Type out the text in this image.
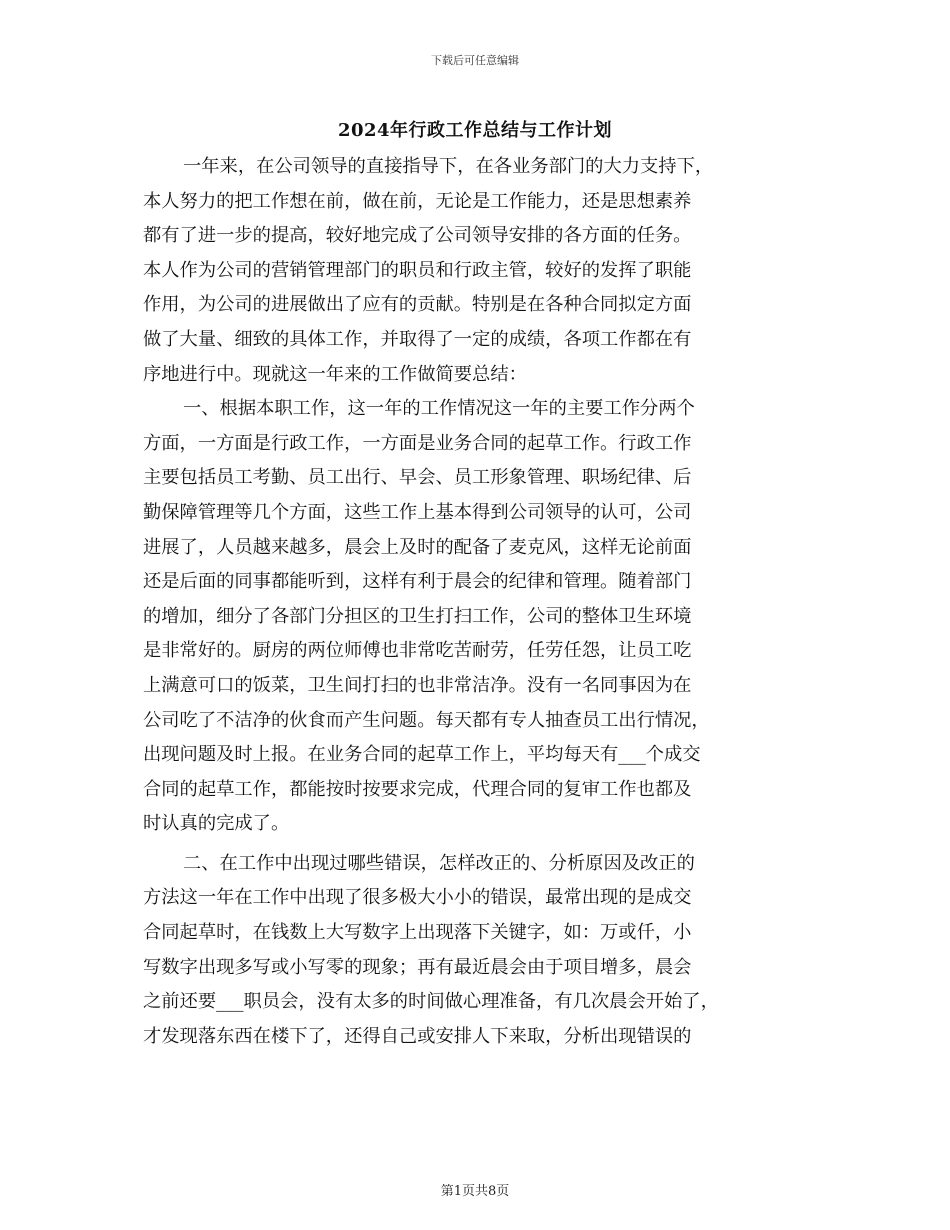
下载后可任意编辑
2024年行政工作总结与工作计划
一年来，在公司领导的直接指导下，在各业务部门的大力支持下，
本人努力的把工作想在前，做在前，无论是工作能力，还是思想素养
都有了进一步的提高，较好地完成了公司领导安排的各方面的任务。
本人作为公司的营销管理部门的职员和行政主管，较好的发挥了职能
作用，为公司的进展做出了应有的贡献。特别是在各种合同拟定方面
做了大量、细致的具体工作，并取得了一定的成绩，各项工作都在有
序地进行中。现就这一年来的工作做简要总结：
一、根据本职工作，这一年的工作情况这一年的主要工作分两个
方面，一方面是行政工作，一方面是业务合同的起草工作。行政工作
主要包括员工考勤、员工出行、早会、员工形象管理、职场纪律、后
勤保障管理等几个方面，这些工作上基本得到公司领导的认可，公司
进展了，人员越来越多，晨会上及时的配备了麦克风，这样无论前面
还是后面的同事都能听到，这样有利于晨会的纪律和管理。随着部门
的增加，细分了各部门分担区的卫生打扫工作，公司的整体卫生环境
是非常好的。厨房的两位师傅也非常吃苦耐劳，任劳任怨，让员工吃
上满意可口的饭菜，卫生间打扫的也非常洁净。没有一名同事因为在
公司吃了不洁净的伙食而产生问题。每天都有专人抽查员工出行情况，
出现问题及时上报。在业务合同的起草工作上，平均每天有___个成交
合同的起草工作，都能按时按要求完成，代理合同的复审工作也都及
时认真的完成了。
二、在工作中出现过哪些错误，怎样改正的、分析原因及改正的
方法这一年在工作中出现了很多极大小小的错误，最常出现的是成交
合同起草时，在钱数上大写数字上出现落下关键字，如：万或仟，小
写数字出现多写或小写零的现象；再有最近晨会由于项目增多，晨会
之前还要___职员会，没有太多的时间做心理准备，有几次晨会开始了，
才发现落东西在楼下了，还得自己或安排人下来取，分析出现错误的
第1页共8页
